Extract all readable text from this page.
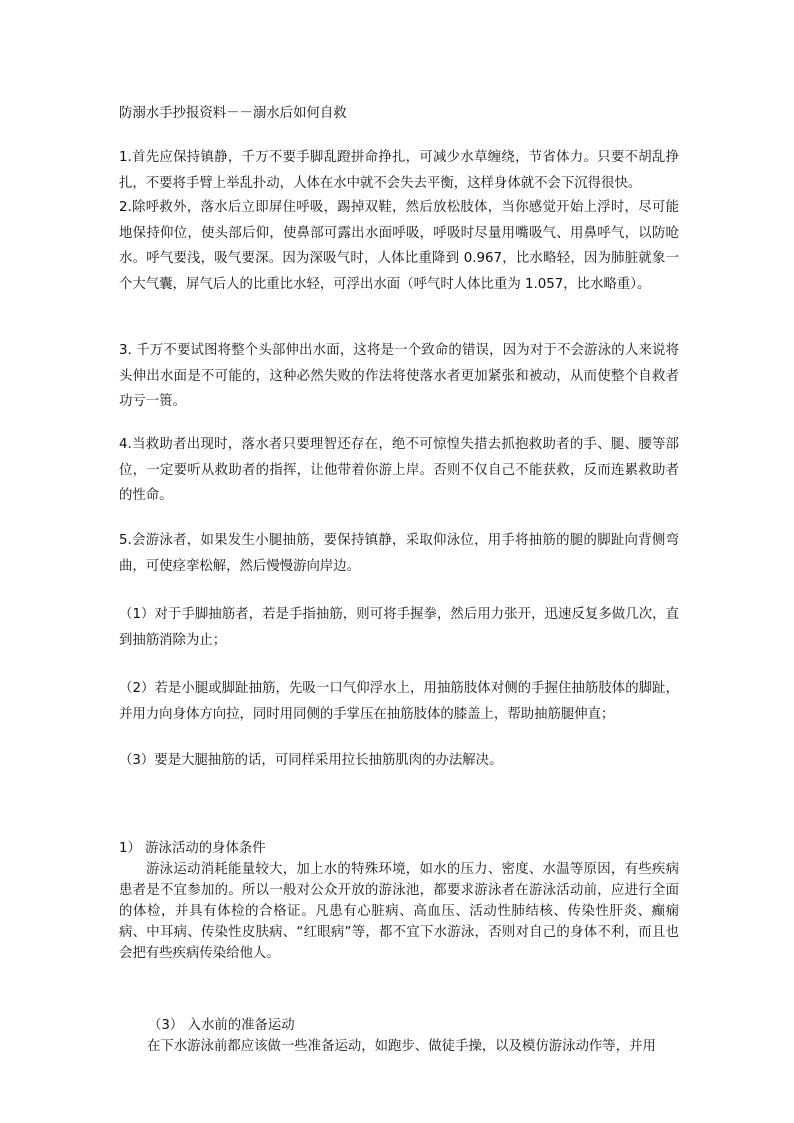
防溺水手抄报资料－－溺水后如何自救

1.首先应保持镇静，千万不要手脚乱蹬拼命挣扎，可减少水草缠绕，节省体力。只要不胡乱挣扎，不要将手臂上举乱扑动，人体在水中就不会失去平衡，这样身体就不会下沉得很快。

2.除呼救外，落水后立即屏住呼吸，踢掉双鞋，然后放松肢体，当你感觉开始上浮时，尽可能地保持仰位，使头部后仰，使鼻部可露出水面呼吸，呼吸时尽量用嘴吸气、用鼻呼气，以防呛水。呼气要浅，吸气要深。因为深吸气时，人体比重降到 0.967，比水略轻，因为肺脏就象一个大气囊，屏气后人的比重比水轻，可浮出水面（呼气时人体比重为 1.057，比水略重）。

3. 千万不要试图将整个头部伸出水面，这将是一个致命的错误，因为对于不会游泳的人来说将头伸出水面是不可能的，这种必然失败的作法将使落水者更加紧张和被动，从而使整个自救者功亏一篑。

4.当救助者出现时，落水者只要理智还存在，绝不可惊惶失措去抓抱救助者的手、腿、腰等部位，一定要听从救助者的指挥，让他带着你游上岸。否则不仅自己不能获救，反而连累救助者的性命。

5.会游泳者，如果发生小腿抽筋，要保持镇静，采取仰泳位，用手将抽筋的腿的脚趾向背侧弯曲，可使痉挛松解，然后慢慢游向岸边。

（1）对于手脚抽筋者，若是手指抽筋，则可将手握拳，然后用力张开，迅速反复多做几次，直到抽筋消除为止；

（2）若是小腿或脚趾抽筋，先吸一口气仰浮水上，用抽筋肢体对侧的手握住抽筋肢体的脚趾，并用力向身体方向拉，同时用同侧的手掌压在抽筋肢体的膝盖上，帮助抽筋腿伸直；

（3）要是大腿抽筋的话，可同样采用拉长抽筋肌肉的办法解决。

1） 游泳活动的身体条件

游泳运动消耗能量较大，加上水的特殊环境，如水的压力、密度、水温等原因，有些疾病患者是不宜参加的。所以一般对公众开放的游泳池，都要求游泳者在游泳活动前，应进行全面的体检，并具有体检的合格证。凡患有心脏病、高血压、活动性肺结核、传染性肝炎、癫痫病、中耳病、传染性皮肤病、“红眼病”等，都不宜下水游泳，否则对自己的身体不利，而且也会把有些疾病传染给他人。

（3） 入水前的准备运动

在下水游泳前都应该做一些准备运动，如跑步、做徒手操，以及模仿游泳动作等，并用
